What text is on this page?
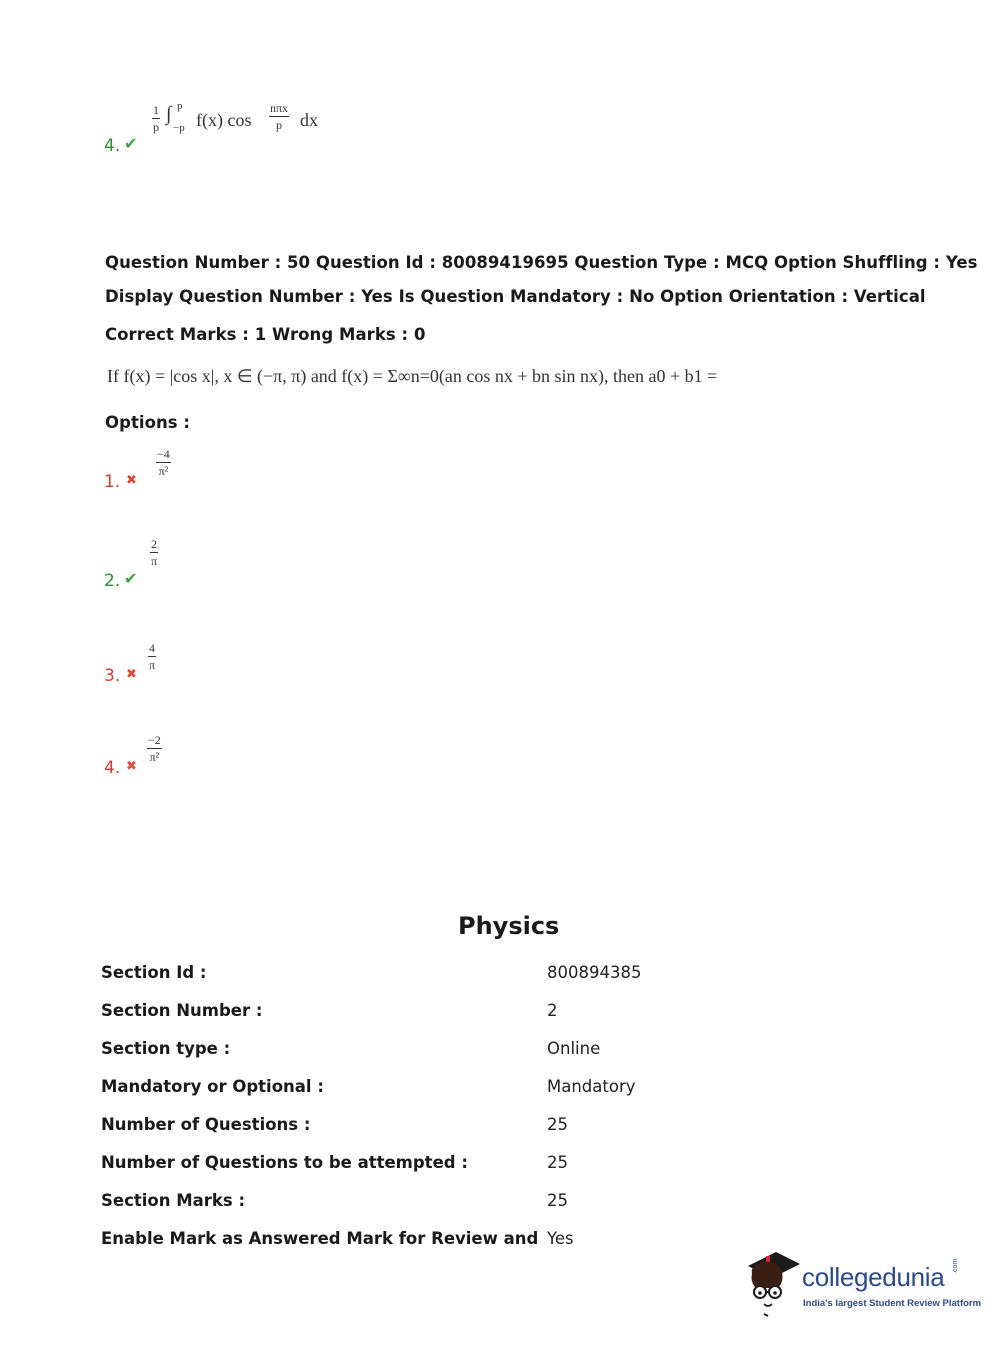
4. ✔
$\frac{1}{p}$ ∫ p
−p f(x) cos
nπx
p dx
Question Number : 50 Question Id : 80089419695 Question Type : MCQ Option Shuffling : Yes
Display Question Number : Yes Is Question Mandatory : No Option Orientation : Vertical
Correct Marks : 1 Wrong Marks : 0
If f(x) = |cos x|, x ∈ (−π, π) and f(x) = Σ∞n=0(an cos nx + bn sin nx), then a0 + b1 =
Options :
1. ✖
$\frac{-4}{\text{π²}}$
2. ✔
$\frac{2}{\pi}$
3. ✖
$\frac{4}{\pi}$
4. ✖
$\frac{-2}{\text{π²}}$
Physics
Section Id :	800894385
Section Number :	2
Section type :	Online
Mandatory or Optional :	Mandatory
Number of Questions :	25
Number of Questions to be attempted :	25
Section Marks :	25
Enable Mark as Answered Mark for Review and Yes
collegedunia .com
India's largest Student Review Platform
